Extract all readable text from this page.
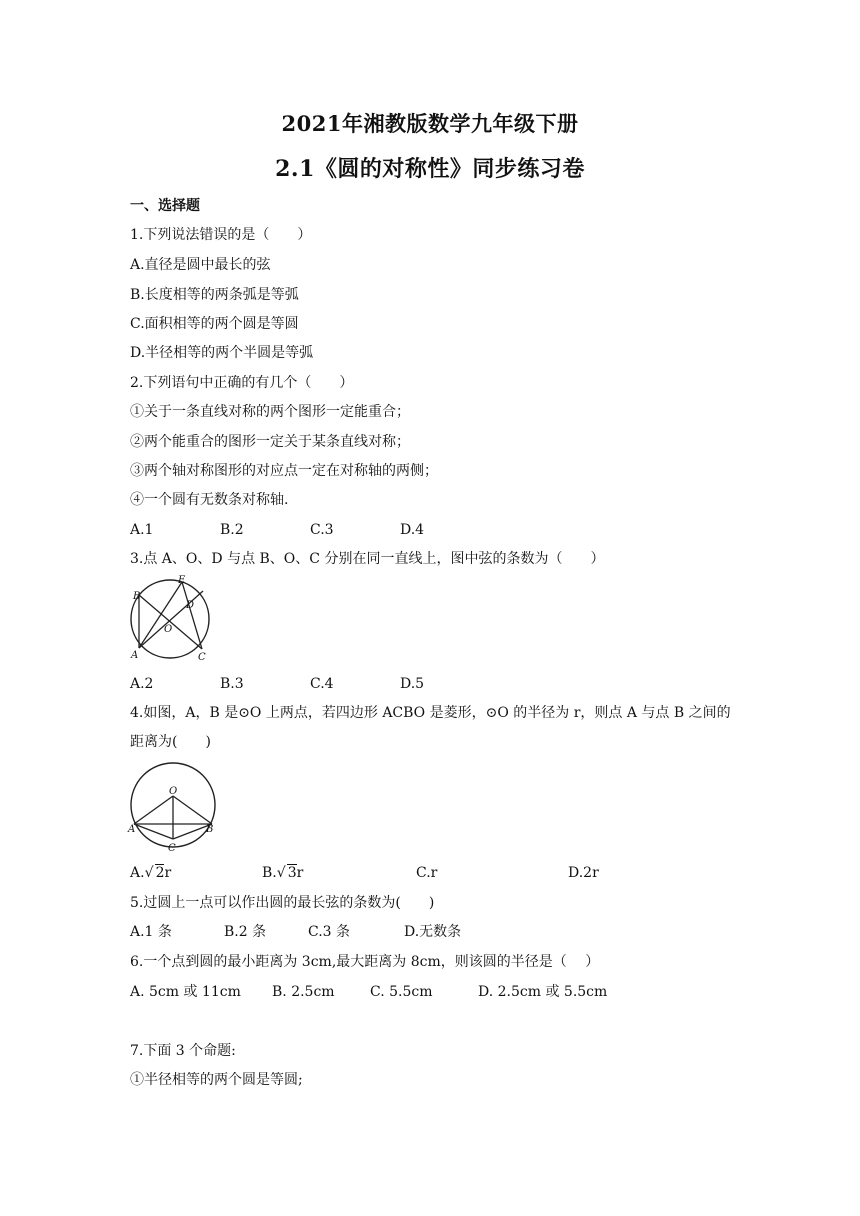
2021年湘教版数学九年级下册
2.1《圆的对称性》同步练习卷
一、选择题
1.下列说法错误的是（　　）
A.直径是圆中最长的弦
B.长度相等的两条弧是等弧
C.面积相等的两个圆是等圆
D.半径相等的两个半圆是等弧
2.下列语句中正确的有几个（　　）
①关于一条直线对称的两个图形一定能重合；
②两个能重合的图形一定关于某条直线对称；
③两个轴对称图形的对应点一定在对称轴的两侧；
④一个圆有无数条对称轴.
A.1	B.2	C.3	D.4
3.点 A、O、D 与点 B、O、C 分别在同一直线上，图中弦的条数为（　　）
B
E
D
O
A	C
A.2	B.3	C.4	D.5
4.如图，A，B 是⊙O 上两点，若四边形 ACBO 是菱形，⊙O 的半径为 r，则点 A 与点 B 之间的
距离为(　　)
O
A	B
C
A. √ 2r	B. √ 3r	C.r	D.2r
5.过圆上一点可以作出圆的最长弦的条数为(　　)
A.1 条	B.2 条	C.3 条	D.无数条
6.一个点到圆的最小距离为 3cm,最大距离为 8cm，则该圆的半径是（　 ）
A. 5cm 或 11cm B. 2.5cm	C. 5.5cm	D. 2.5cm 或 5.5cm
7.下面 3 个命题:
①半径相等的两个圆是等圆;
